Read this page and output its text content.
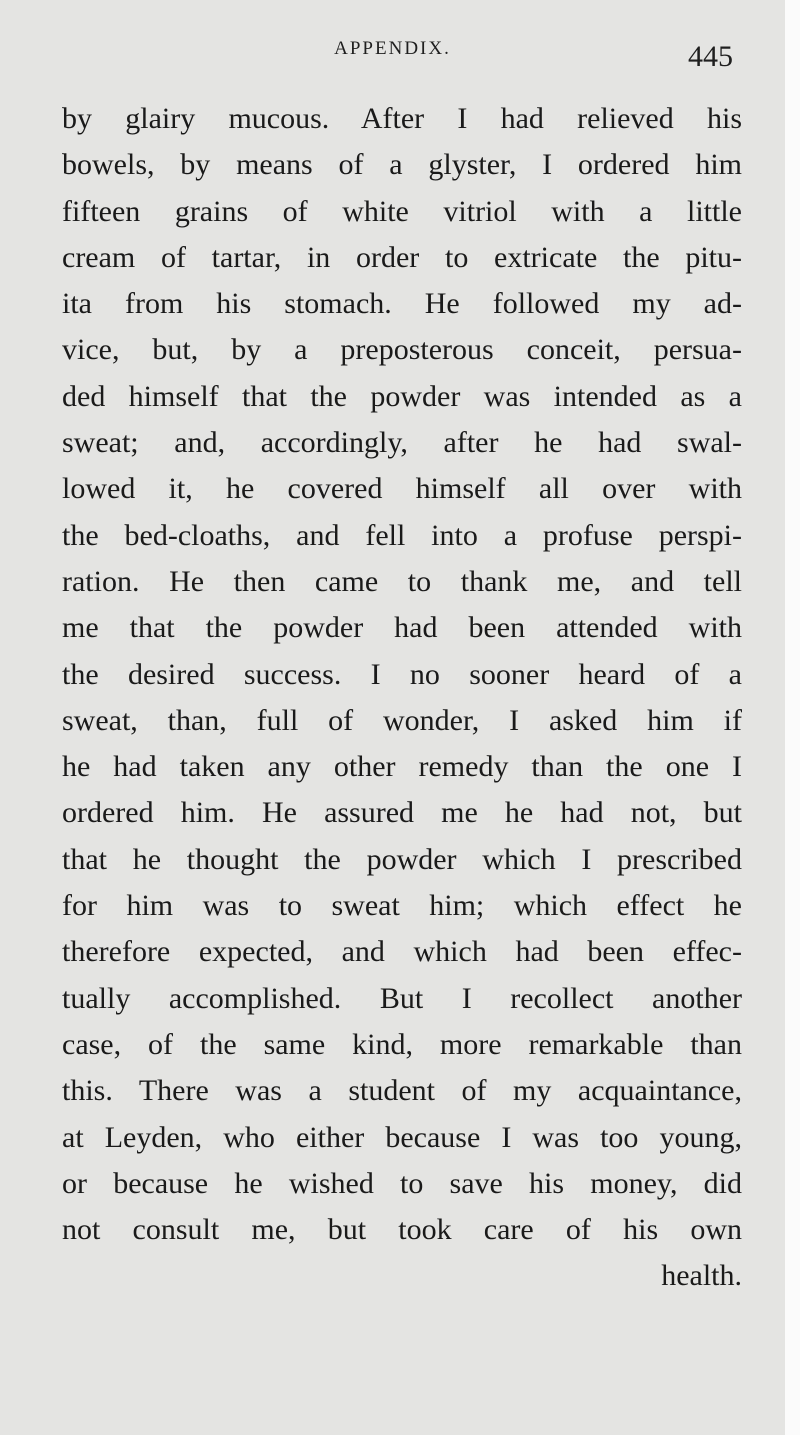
APPENDIX.	445
by glairy mucous. After I had relieved his
bowels, by means of a glyster, I ordered him
fifteen grains of white vitriol with a little
cream of tartar, in order to extricate the pitu-
ita from his stomach. He followed my ad-
vice, but, by a preposterous conceit, persua-
ded himself that the powder was intended as a
sweat; and, accordingly, after he had swal-
lowed it, he covered himself all over with
the bed-cloaths, and fell into a profuse perspi-
ration. He then came to thank me, and tell
me that the powder had been attended with
the desired success. I no sooner heard of a
sweat, than, full of wonder, I asked him if
he had taken any other remedy than the one I
ordered him. He assured me he had not, but
that he thought the powder which I prescribed
for him was to sweat him; which effect he
therefore expected, and which had been effec-
tually accomplished. But I recollect another
case, of the same kind, more remarkable than
this. There was a student of my acquaintance,
at Leyden, who either because I was too young,
or because he wished to save his money, did
not consult me, but took care of his own
health.
